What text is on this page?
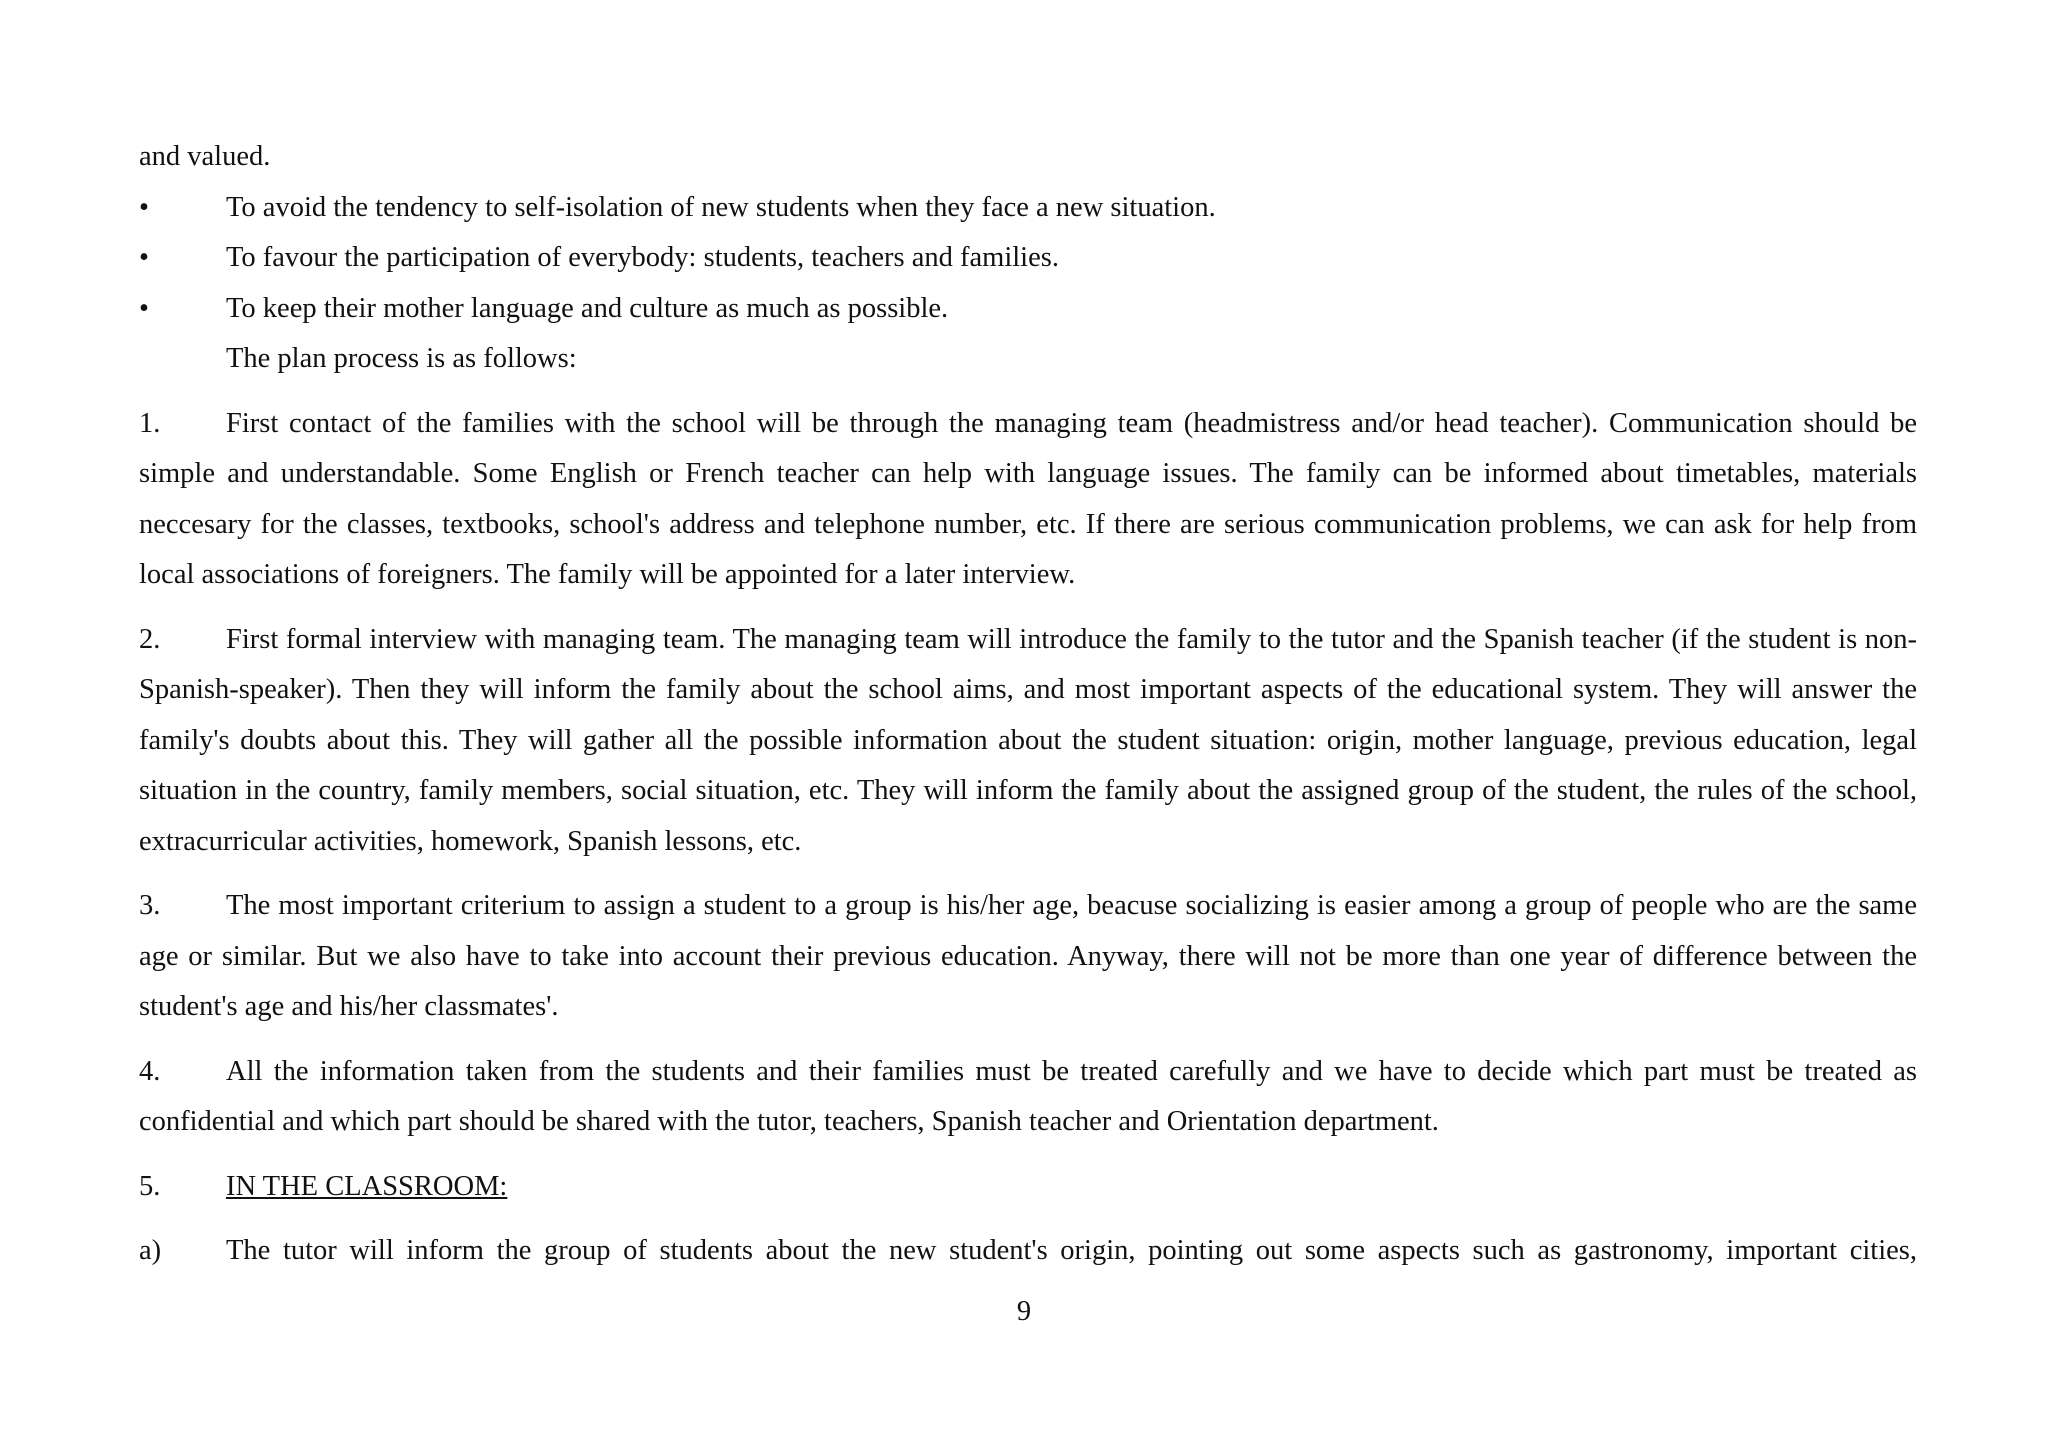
and valued.

•	To avoid the tendency to self-isolation of new students when they face a new situation.
•	To favour the participation of everybody: students, teachers and families.
•	To keep their mother language and culture as much as possible.

The plan process is as follows:

1. First contact of the families with the school will be through the managing team (headmistress and/or head teacher). Communication should be simple and understandable. Some English or French teacher can help with language issues. The family can be informed about timetables, materials neccesary for the classes, textbooks, school's address and telephone number, etc. If there are serious communication problems, we can ask for help from local associations of foreigners. The family will be appointed for a later interview.

2. First formal interview with managing team. The managing team will introduce the family to the tutor and the Spanish teacher (if the student is non-Spanish-speaker). Then they will inform the family about the school aims, and most important aspects of the educational system. They will answer the family's doubts about this. They will gather all the possible information about the student situation: origin, mother language, previous education, legal situation in the country, family members, social situation, etc. They will inform the family about the assigned group of the student, the rules of the school, extracurricular activities, homework, Spanish lessons, etc.

3. The most important criterium to assign a student to a group is his/her age, beacuse socializing is easier among a group of people who are the same age or similar. But we also have to take into account their previous education. Anyway, there will not be more than one year of difference between the student's age and his/her classmates'.

4. All the information taken from the students and their families must be treated carefully and we have to decide which part must be treated as confidential and which part should be shared with the tutor, teachers, Spanish teacher and Orientation department.

5. IN THE CLASSROOM:

a) The tutor will inform the group of students about the new student's origin, pointing out some aspects such as gastronomy, important cities,

9
